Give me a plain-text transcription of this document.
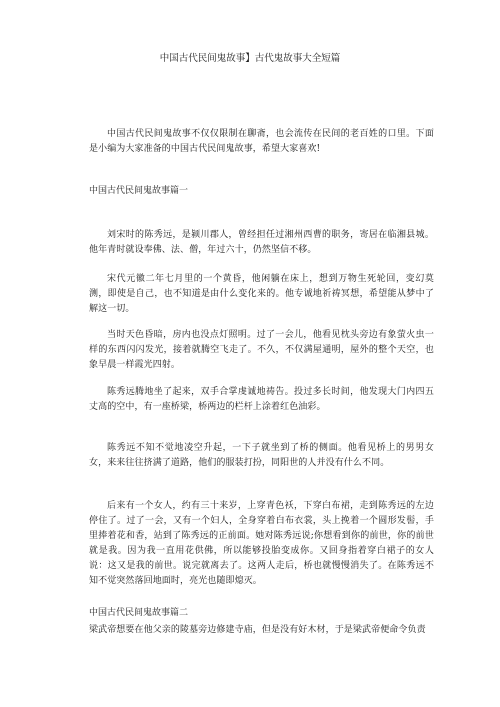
中国古代民间鬼故事】古代鬼故事大全短篇

中国古代民间鬼故事不仅仅限制在聊斋，也会流传在民间的老百姓的口里。下面是小编为大家准备的中国古代民间鬼故事，希望大家喜欢!

中国古代民间鬼故事篇一

刘宋时的陈秀远，是颍川郡人，曾经担任过湘州西曹的职务，寄居在临湘县城。他年青时就设奉佛、法、僧，年过六十，仍然坚信不移。

宋代元徽二年七月里的一个黄昏，他闲躺在床上，想到万物生死轮回，变幻莫测，即使是自己，也不知道是由什么变化来的。他专诚地祈祷冥想，希望能从梦中了解这一切。

当时天色昏暗，房内也没点灯照明。过了一会儿，他看见枕头旁边有象萤火虫一样的东西闪闪发光，接着就腾空飞走了。不久，不仅满屋通明，屋外的整个天空，也象早晨一样霞光四射。

陈秀远腾地坐了起来，双手合掌虔诚地祷告。投过多长时间，他发现大门内四五丈高的空中，有一座桥梁，桥两边的栏杆上涂着红色油彩。

陈秀远不知不觉地凌空升起，一下子就坐到了桥的侧面。他看见桥上的男男女女，来来往往挤满了道路，他们的服装打扮，同阳世的人并没有什么不同。

后来有一个女人，约有三十来岁，上穿青色袄，下穿白布裙，走到陈秀远的左边停住了。过了一会，又有一个妇人，全身穿着白布衣裳，头上挽着一个圆形发髻，手里捧着花和香，站到了陈秀远的正前面。她对陈秀远说;你想看到你的前世，你的前世就是我。因为我一直用花供佛，所以能够投胎变成你。又回身指着穿白裙子的女人说：这又是我的前世。说完就离去了。这两人走后，桥也就慢慢消失了。在陈秀远不知不觉突然落回地面时，亮光也随即熄灭。

中国古代民间鬼故事篇二

梁武帝想要在他父亲的陵墓旁边修建寺庙，但是没有好木材，于是梁武帝便命令负责
